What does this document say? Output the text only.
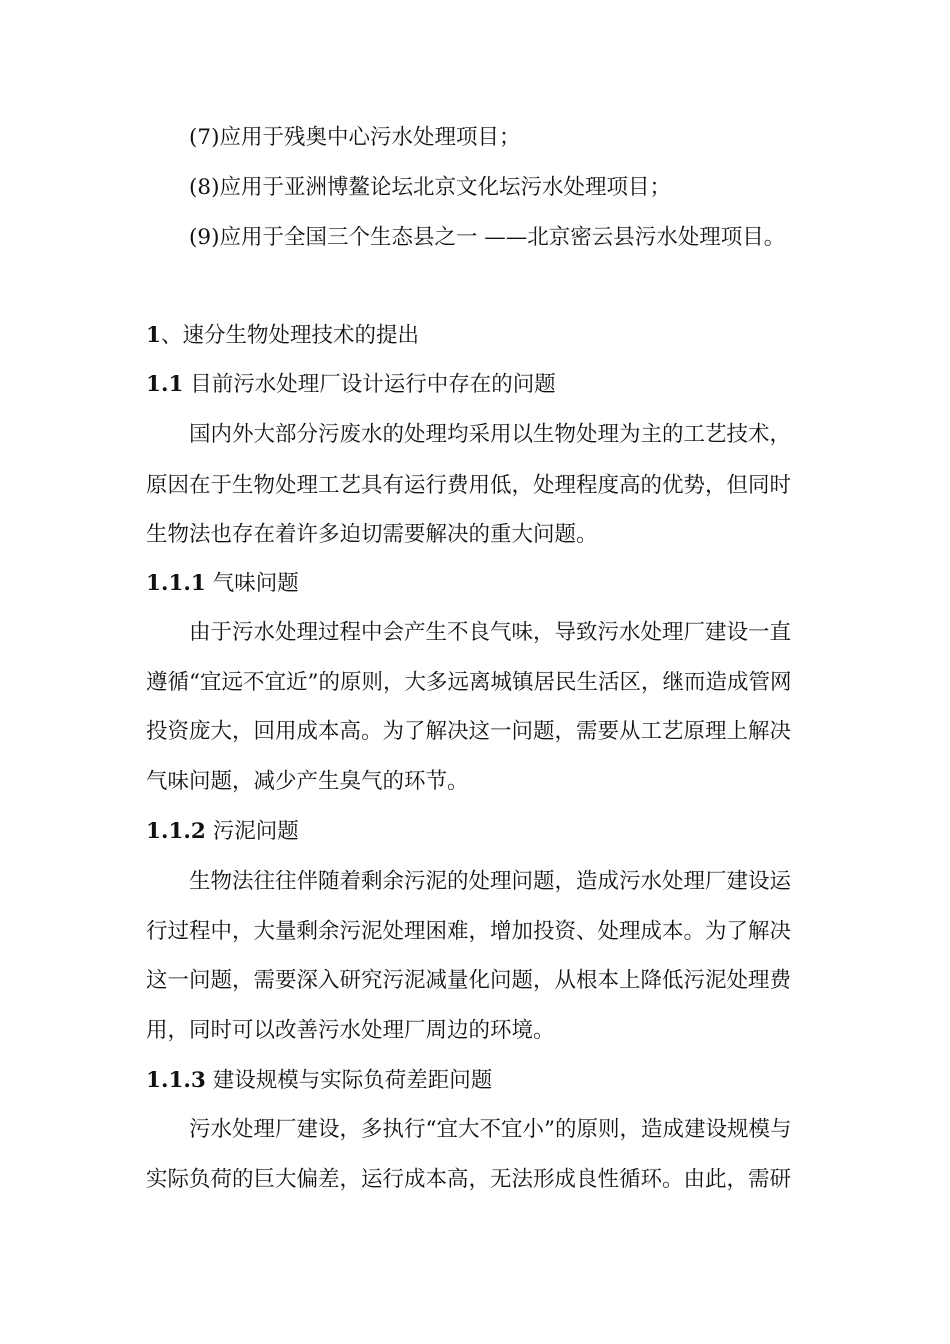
(7)应用于残奥中心污水处理项目；
(8)应用于亚洲博鳌论坛北京文化坛污水处理项目；
(9)应用于全国三个生态县之一 ——北京密云县污水处理项目。
1、速分生物处理技术的提出
1.1 目前污水处理厂设计运行中存在的问题
国内外大部分污废水的处理均采用以生物处理为主的工艺技术，
原因在于生物处理工艺具有运行费用低，处理程度高的优势，但同时
生物法也存在着许多迫切需要解决的重大问题。
1.1.1 气味问题
由于污水处理过程中会产生不良气味，导致污水处理厂建设一直
遵循“宜远不宜近”的原则，大多远离城镇居民生活区，继而造成管网
投资庞大，回用成本高。为了解决这一问题，需要从工艺原理上解决
气味问题，减少产生臭气的环节。
1.1.2 污泥问题
生物法往往伴随着剩余污泥的处理问题，造成污水处理厂建设运
行过程中，大量剩余污泥处理困难，增加投资、处理成本。为了解决
这一问题，需要深入研究污泥减量化问题，从根本上降低污泥处理费
用，同时可以改善污水处理厂周边的环境。
1.1.3 建设规模与实际负荷差距问题
污水处理厂建设，多执行“宜大不宜小”的原则，造成建设规模与
实际负荷的巨大偏差，运行成本高，无法形成良性循环。由此，需研
